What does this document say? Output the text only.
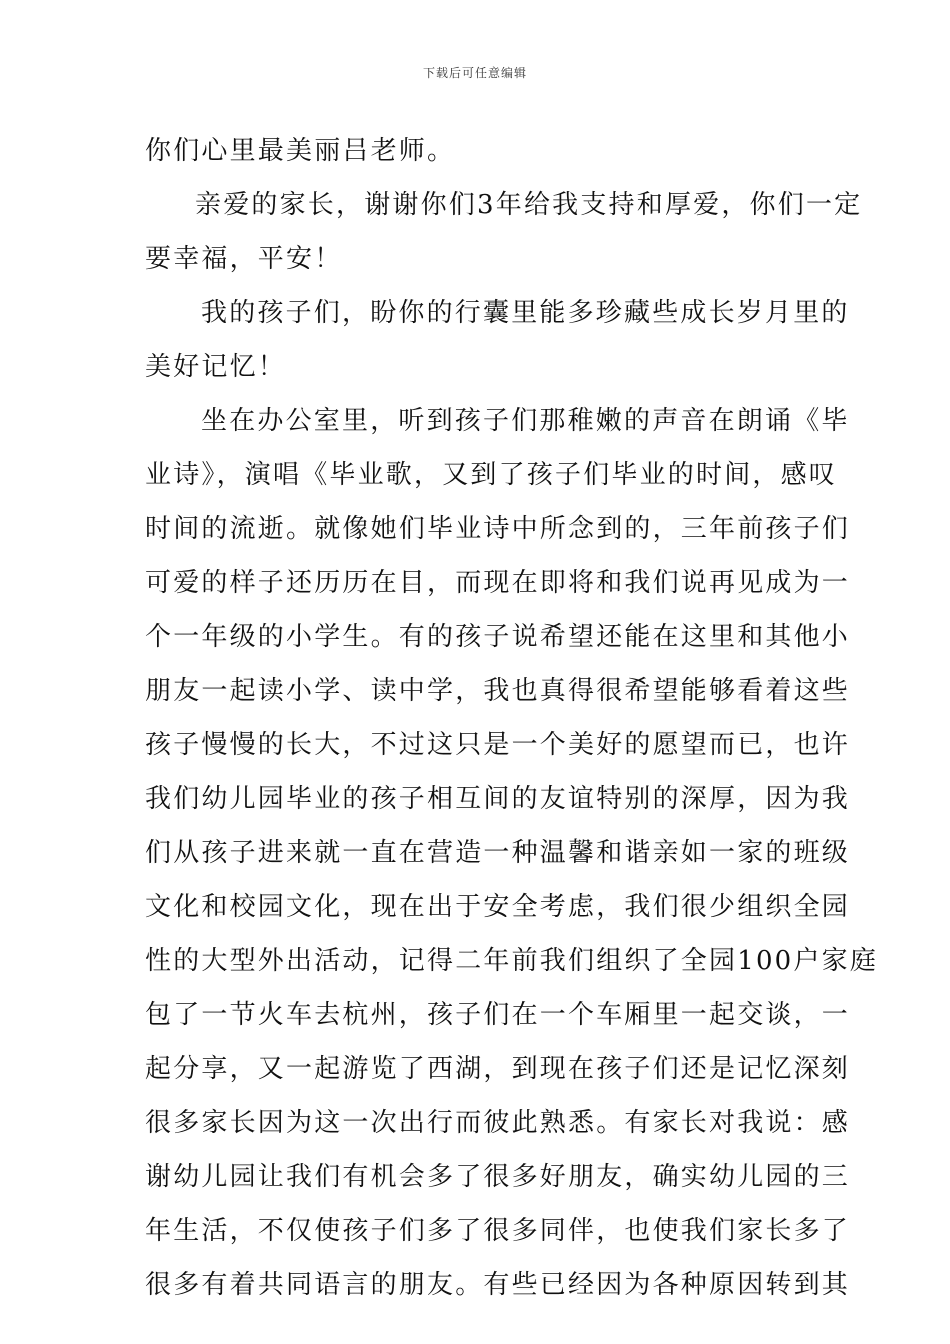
下载后可任意编辑
你们心里最美丽吕老师。
亲爱的家长，谢谢你们3年给我支持和厚爱，你们一定
要幸福，平安！
我的孩子们，盼你的行囊里能多珍藏些成长岁月里的
美好记忆！
坐在办公室里，听到孩子们那稚嫩的声音在朗诵《毕
业诗》，演唱《毕业歌，又到了孩子们毕业的时间，感叹
时间的流逝。就像她们毕业诗中所念到的，三年前孩子们
可爱的样子还历历在目，而现在即将和我们说再见成为一
个一年级的小学生。有的孩子说希望还能在这里和其他小
朋友一起读小学、读中学，我也真得很希望能够看着这些
孩子慢慢的长大，不过这只是一个美好的愿望而已，也许
我们幼儿园毕业的孩子相互间的友谊特别的深厚，因为我
们从孩子进来就一直在营造一种温馨和谐亲如一家的班级
文化和校园文化，现在出于安全考虑，我们很少组织全园
性的大型外出活动，记得二年前我们组织了全园100户家庭
包了一节火车去杭州，孩子们在一个车厢里一起交谈，一
起分享，又一起游览了西湖，到现在孩子们还是记忆深刻
很多家长因为这一次出行而彼此熟悉。有家长对我说：感
谢幼儿园让我们有机会多了很多好朋友，确实幼儿园的三
年生活，不仅使孩子们多了很多同伴，也使我们家长多了
很多有着共同语言的朋友。有些已经因为各种原因转到其
